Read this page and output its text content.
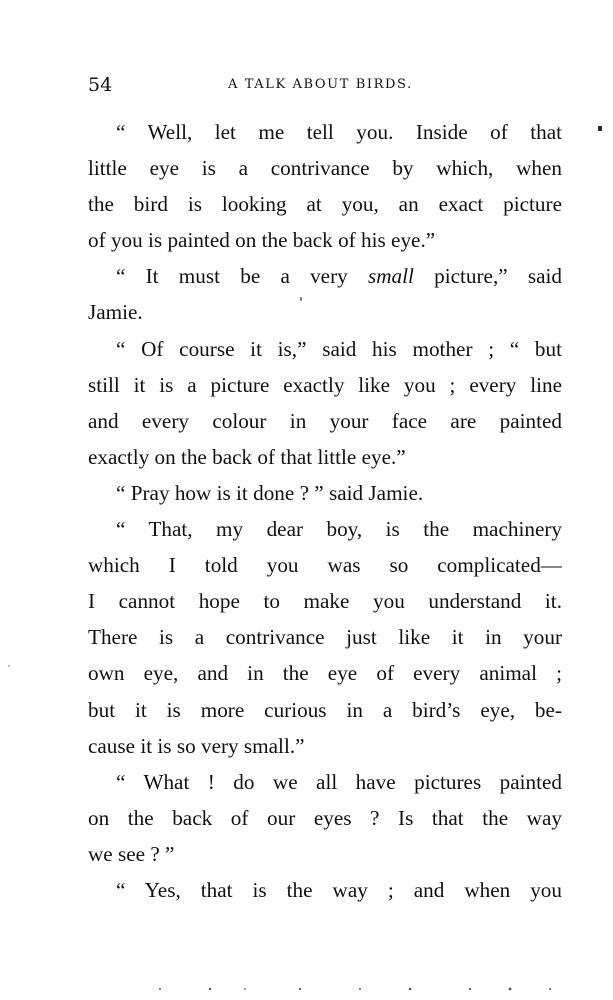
54	A TALK ABOUT BIRDS.
“ Well, let me tell you. Inside of that
little eye is a contrivance by which, when
the bird is looking at you, an exact picture
of you is painted on the back of his eye.”
“ It must be a very small picture,” said
Jamie.
“ Of course it is,” said his mother ; “ but
still it is a picture exactly like you ; every line
and every colour in your face are painted
exactly on the back of that little eye.”
“ Pray how is it done ? ” said Jamie.
“ That, my dear boy, is the machinery
which I told you was so complicated—
I cannot hope to make you understand it.
There is a contrivance just like it in your
own eye, and in the eye of every animal ;
but it is more curious in a bird’s eye, be-
cause it is so very small.”
“ What ! do we all have pictures painted
on the back of our eyes ? Is that the way
we see ? ”
“ Yes, that is the way ; and when you
